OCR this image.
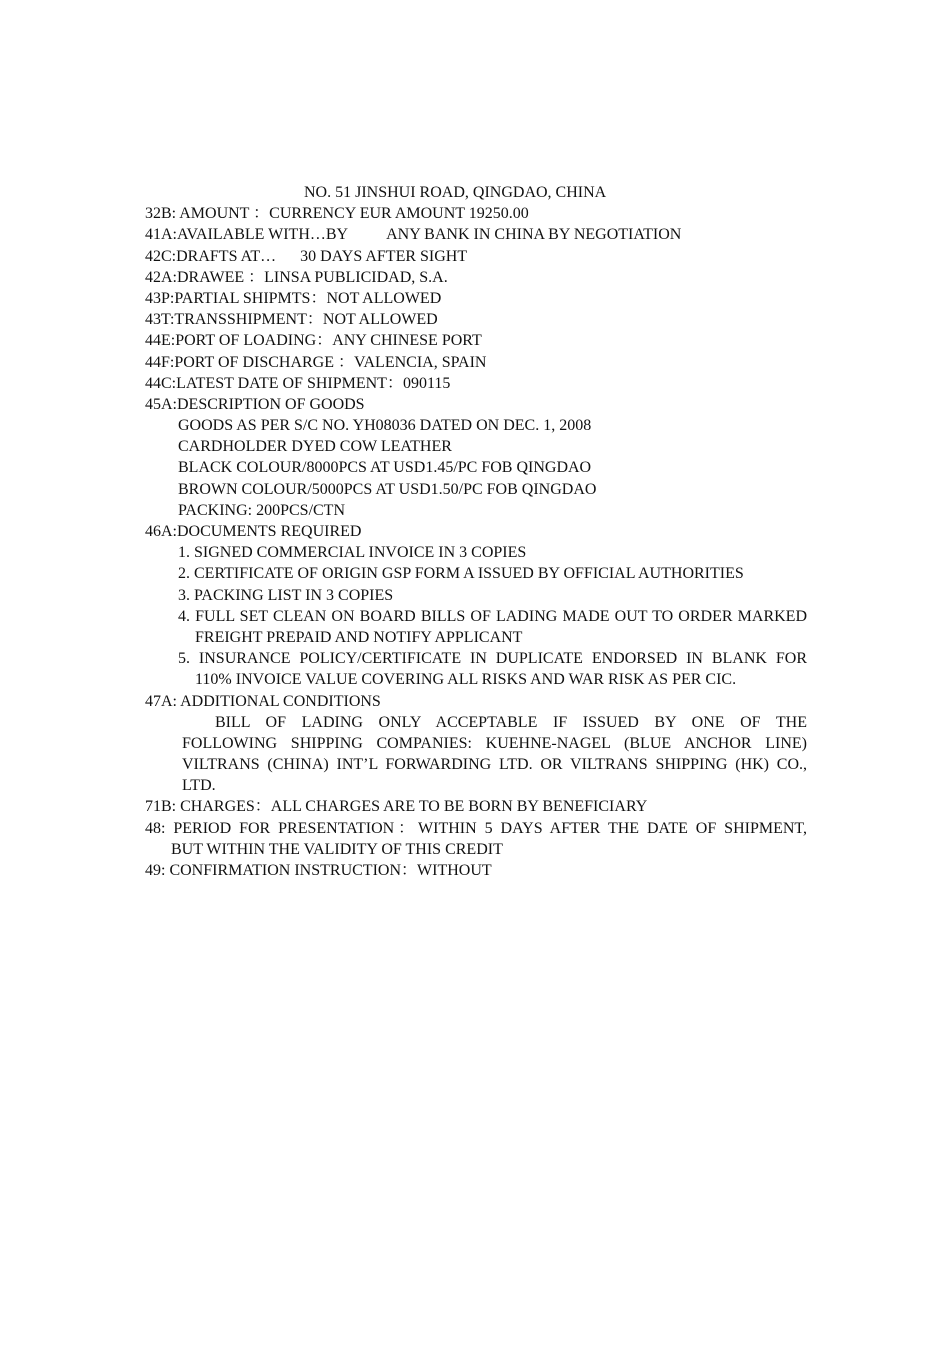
NO. 51 JINSHUI ROAD, QINGDAO, CHINA
32B: AMOUNT ：CURRENCY EUR AMOUNT 19250.00
41A:AVAILABLE WITH…BY ANY BANK IN CHINA BY NEGOTIATION
42C:DRAFTS AT… 30 DAYS AFTER SIGHT
42A:DRAWEE ：LINSA PUBLICIDAD, S.A.
43P:PARTIAL SHIPMTS：NOT ALLOWED
43T:TRANSSHIPMENT：NOT ALLOWED
44E:PORT OF LOADING：ANY CHINESE PORT
44F:PORT OF DISCHARGE ：VALENCIA, SPAIN
44C:LATEST DATE OF SHIPMENT：090115
45A:DESCRIPTION OF GOODS
GOODS AS PER S/C NO. YH08036 DATED ON DEC. 1, 2008
CARDHOLDER DYED COW LEATHER
BLACK COLOUR/8000PCS AT USD1.45/PC FOB QINGDAO
BROWN COLOUR/5000PCS AT USD1.50/PC FOB QINGDAO
PACKING: 200PCS/CTN
46A:DOCUMENTS REQUIRED
1. SIGNED COMMERCIAL INVOICE IN 3 COPIES
2. CERTIFICATE OF ORIGIN GSP FORM A ISSUED BY OFFICIAL AUTHORITIES
3. PACKING LIST IN 3 COPIES
4. FULL SET CLEAN ON BOARD BILLS OF LADING MADE OUT TO ORDER MARKED
FREIGHT PREPAID AND NOTIFY APPLICANT
5. INSURANCE POLICY/CERTIFICATE IN DUPLICATE ENDORSED IN BLANK FOR
110% INVOICE VALUE COVERING ALL RISKS AND WAR RISK AS PER CIC.
47A: ADDITIONAL CONDITIONS
BILL OF LADING ONLY ACCEPTABLE IF ISSUED BY ONE OF THE
FOLLOWING SHIPPING COMPANIES: KUEHNE-NAGEL (BLUE ANCHOR LINE)
VILTRANS (CHINA) INT’L FORWARDING LTD. OR VILTRANS SHIPPING (HK) CO.,
LTD.
71B: CHARGES：ALL CHARGES ARE TO BE BORN BY BENEFICIARY
48: PERIOD FOR PRESENTATION：WITHIN 5 DAYS AFTER THE DATE OF SHIPMENT,
BUT WITHIN THE VALIDITY OF THIS CREDIT
49: CONFIRMATION INSTRUCTION：WITHOUT
